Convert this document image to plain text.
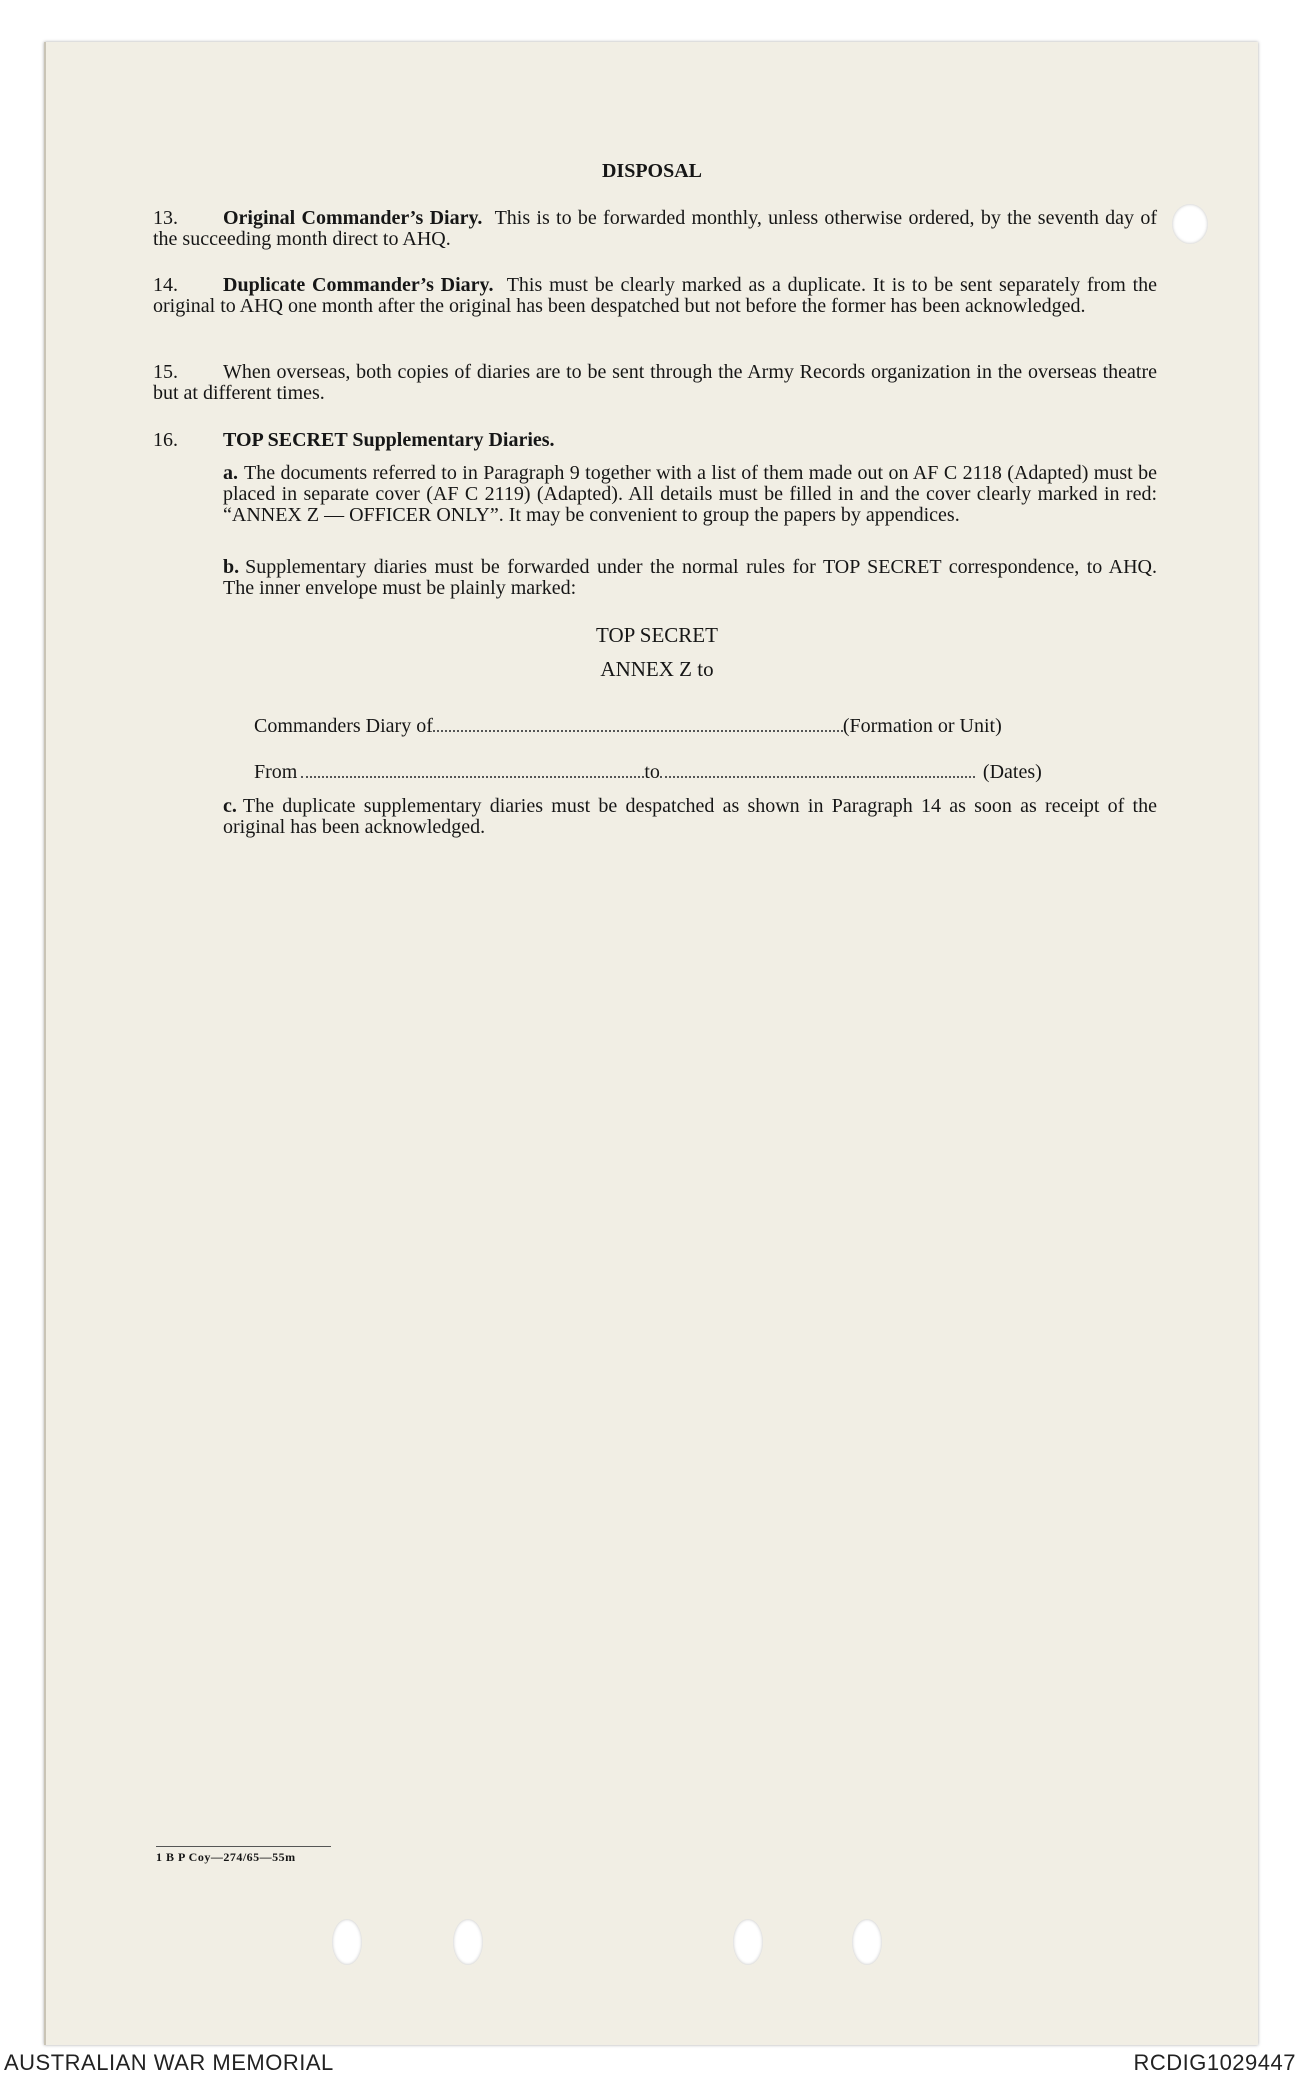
DISPOSAL
13. Original Commander’s Diary. This is to be forwarded monthly, unless otherwise ordered, by the seventh day of the succeeding month direct to AHQ.
14. Duplicate Commander’s Diary. This must be clearly marked as a duplicate. It is to be sent separately from the original to AHQ one month after the original has been despatched but not before the former has been acknowledged.
15. When overseas, both copies of diaries are to be sent through the Army Records organization in the overseas theatre but at different times.
16. TOP SECRET Supplementary Diaries.
a. The documents referred to in Paragraph 9 together with a list of them made out on AF C 2118 (Adapted) must be placed in separate cover (AF C 2119) (Adapted). All details must be filled in and the cover clearly marked in red: “ANNEX Z — OFFICER ONLY”. It may be convenient to group the papers by appendices.
b. Supplementary diaries must be forwarded under the normal rules for TOP SECRET correspondence, to AHQ. The inner envelope must be plainly marked:
TOP SECRET
ANNEX Z to
Commanders Diary of	(Formation or Unit)
From	to	(Dates)
c. The duplicate supplementary diaries must be despatched as shown in Paragraph 14 as soon as receipt of the original has been acknowledged.
1 B P Coy—274/65—55m
AUSTRALIAN WAR MEMORIAL	RCDIG1029447
